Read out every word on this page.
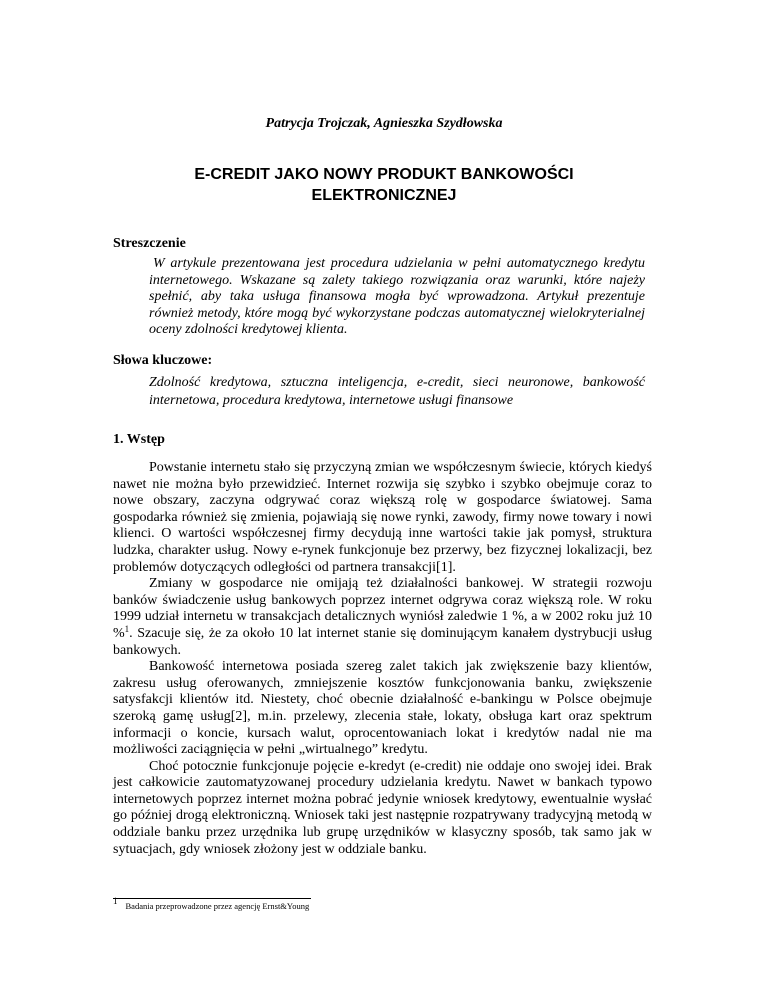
Patrycja Trojczak, Agnieszka Szydłowska
E-CREDIT JAKO NOWY PRODUKT BANKOWOŚCI
ELEKTRONICZNEJ
Streszczenie

W artykule prezentowana jest procedura udzielania w pełni automatycznego kredytu internetowego. Wskazane są zalety takiego rozwiązania oraz warunki, które najeży spełnić, aby taka usługa finansowa mogła być wprowadzona. Artykuł prezentuje również metody, które mogą być wykorzystane podczas automatycznej wielokryterialnej oceny zdolności kredytowej klienta.

Słowa kluczowe:

Zdolność kredytowa, sztuczna inteligencja, e-credit, sieci neuronowe, bankowość internetowa, procedura kredytowa, internetowe usługi finansowe

1. Wstęp

Powstanie internetu stało się przyczyną zmian we współczesnym świecie, których kiedyś nawet nie można było przewidzieć. Internet rozwija się szybko i szybko obejmuje coraz to nowe obszary, zaczyna odgrywać coraz większą rolę w gospodarce światowej. Sama gospodarka również się zmienia, pojawiają się nowe rynki, zawody, firmy nowe towary i nowi klienci. O wartości współczesnej firmy decydują inne wartości takie jak pomysł, struktura ludzka, charakter usług. Nowy e-rynek funkcjonuje bez przerwy, bez fizycznej lokalizacji, bez problemów dotyczących odległości od partnera transakcji[1].

Zmiany w gospodarce nie omijają też działalności bankowej. W strategii rozwoju banków świadczenie usług bankowych poprzez internet odgrywa coraz większą role. W roku 1999 udział internetu w transakcjach detalicznych wyniósł zaledwie 1 %, a w 2002 roku już 10 %$^1$. Szacuje się, że za około 10 lat internet stanie się dominującym kanałem dystrybucji usług bankowych.

Bankowość internetowa posiada szereg zalet takich jak zwiększenie bazy klientów, zakresu usług oferowanych, zmniejszenie kosztów funkcjonowania banku, zwiększenie satysfakcji klientów itd. Niestety, choć obecnie działalność e-bankingu w Polsce obejmuje szeroką gamę usług[2], m.in. przelewy, zlecenia stałe, lokaty, obsługa kart oraz spektrum informacji o koncie, kursach walut, oprocentowaniach lokat i kredytów nadal nie ma możliwości zaciągnięcia w pełni „wirtualnego” kredytu.

Choć potocznie funkcjonuje pojęcie e-kredyt (e-credit) nie oddaje ono swojej idei. Brak jest całkowicie zautomatyzowanej procedury udzielania kredytu. Nawet w bankach typowo internetowych poprzez internet można pobrać jedynie wniosek kredytowy, ewentualnie wysłać go później drogą elektroniczną. Wniosek taki jest następnie rozpatrywany tradycyjną metodą w oddziale banku przez urzędnika lub grupę urzędników w klasyczny sposób, tak samo jak w sytuacjach, gdy wniosek złożony jest w oddziale banku.

$^1$ Badania przeprowadzone przez agencję Ernst&Young
